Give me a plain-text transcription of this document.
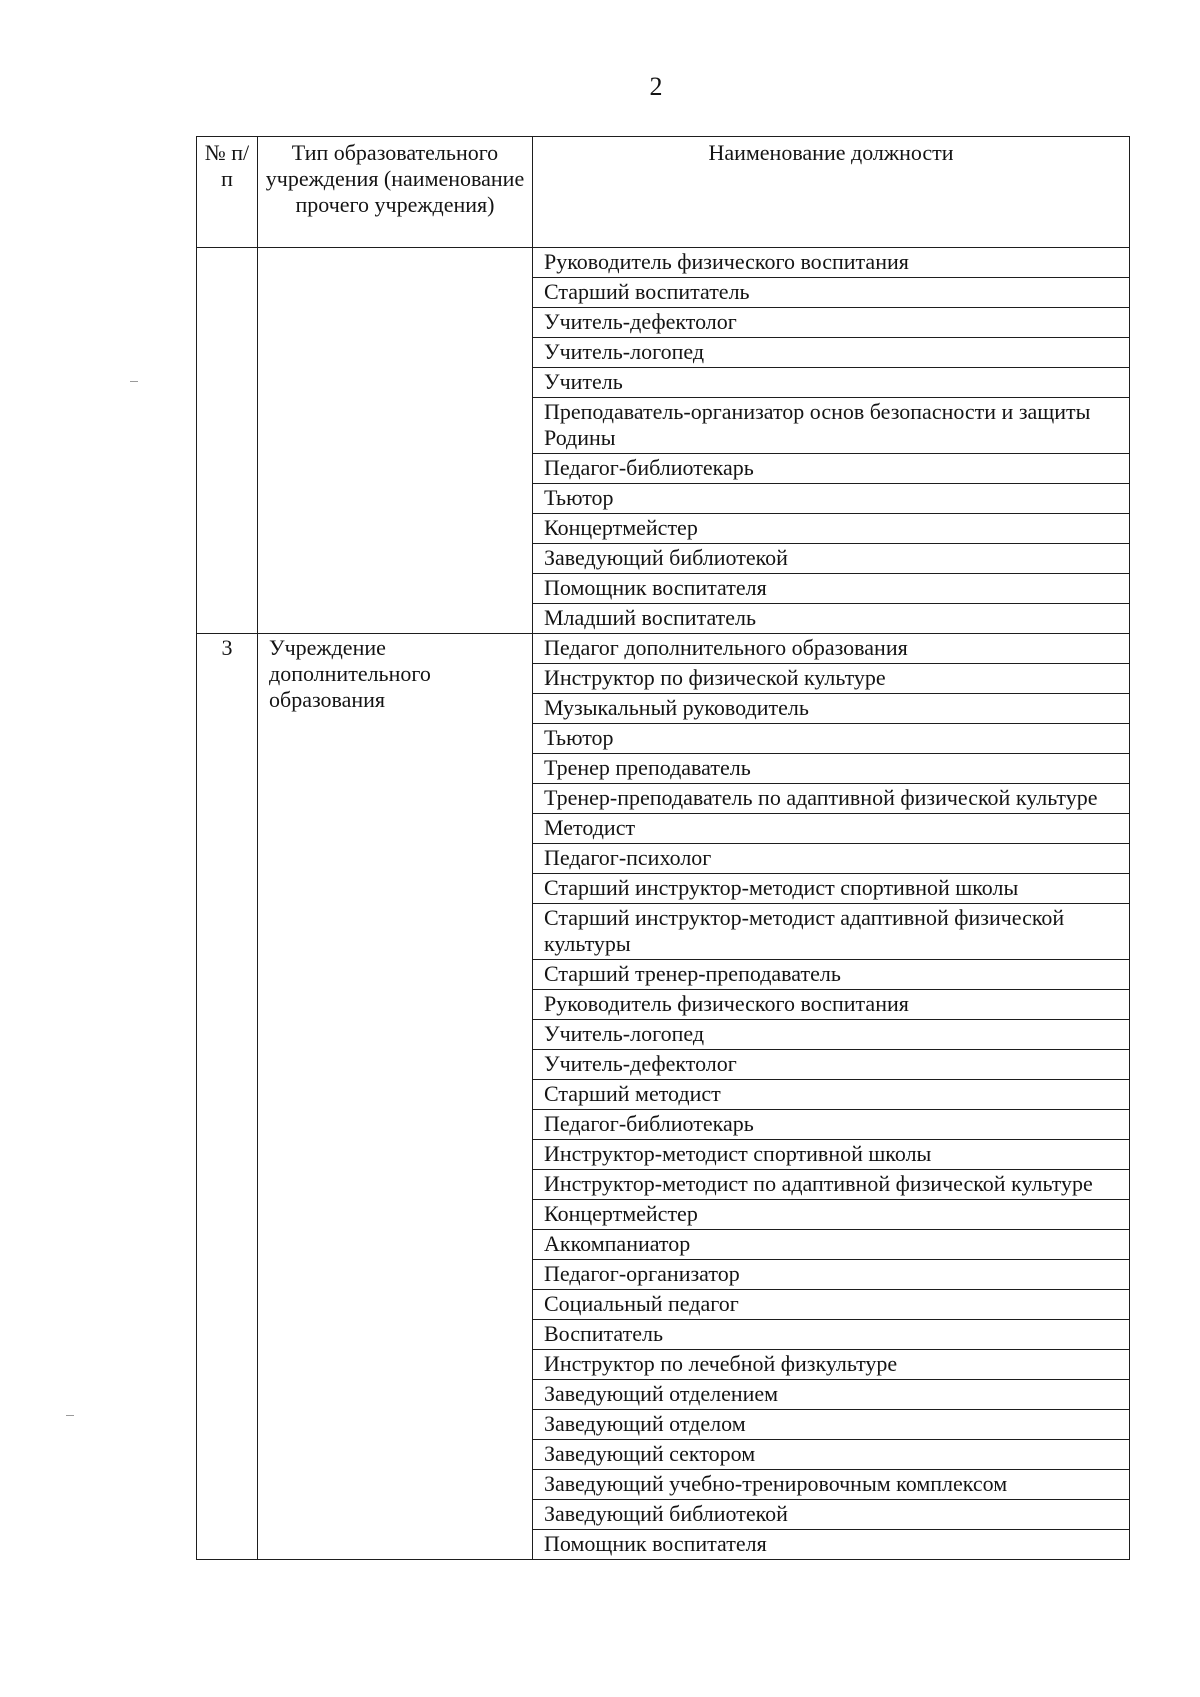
2
№ п/п	Тип образовательного учреждения (наименование прочего учреждения)	Наименование должности
		Руководитель физического воспитания
		Старший воспитатель
		Учитель-дефектолог
		Учитель-логопед
		Учитель
		Преподаватель-организатор основ безопасности и защиты Родины
		Педагог-библиотекарь
		Тьютор
		Концертмейстер
		Заведующий библиотекой
		Помощник воспитателя
		Младший воспитатель
3	Учреждение дополнительного образования	Педагог дополнительного образования
		Инструктор по физической культуре
		Музыкальный руководитель
		Тьютор
		Тренер преподаватель
		Тренер-преподаватель по адаптивной физической культуре
		Методист
		Педагог-психолог
		Старший инструктор-методист спортивной школы
		Старший инструктор-методист адаптивной физической культуры
		Старший тренер-преподаватель
		Руководитель физического воспитания
		Учитель-логопед
		Учитель-дефектолог
		Старший методист
		Педагог-библиотекарь
		Инструктор-методист спортивной школы
		Инструктор-методист по адаптивной физической культуре
		Концертмейстер
		Аккомпаниатор
		Педагог-организатор
		Социальный педагог
		Воспитатель
		Инструктор по лечебной физкультуре
		Заведующий отделением
		Заведующий отделом
		Заведующий сектором
		Заведующий учебно-тренировочным комплексом
		Заведующий библиотекой
		Помощник воспитателя
